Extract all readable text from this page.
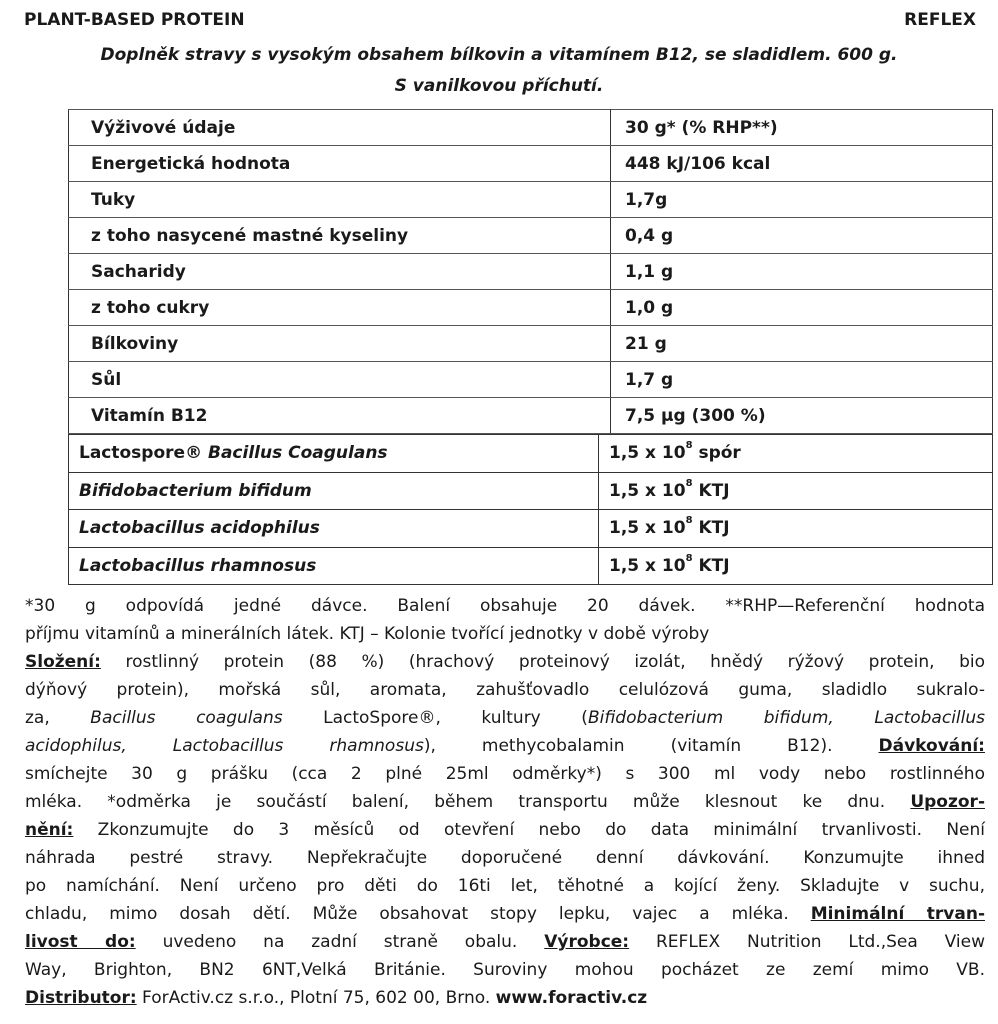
PLANT-BASED PROTEIN	REFLEX
Doplněk stravy s vysokým obsahem bílkovin a vitamínem B12, se sladidlem. 600 g.
S vanilkovou příchutí.
Výživové údaje	30 g* (% RHP**)
Energetická hodnota	448 kJ/106 kcal
Tuky	1,7g
z toho nasycené mastné kyseliny	0,4 g
Sacharidy	1,1 g
z toho cukry	1,0 g
Bílkoviny	21 g
Sůl	1,7 g
Vitamín B12	7,5 µg (300 %)
Lactospore® Bacillus Coagulans	1,5 x $10^8$ spór
Bifidobacterium bifidum	1,5 x $10^8$ KTJ
Lactobacillus acidophilus	1,5 x $10^8$ KTJ
Lactobacillus rhamnosus	1,5 x $10^8$ KTJ
*30 g odpovídá jedné dávce. Balení obsahuje 20 dávek. **RHP—Referenční hodnota
příjmu vitamínů a minerálních látek. KTJ – Kolonie tvořící jednotky v době výroby
Složení: rostlinný protein (88 %) (hrachový proteinový izolát, hnědý rýžový protein, bio
dýňový protein), mořská sůl, aromata, zahušťovadlo celulózová guma, sladidlo sukralo-
za, Bacillus coagulans LactoSpore®, kultury (Bifidobacterium bifidum, Lactobacillus
acidophilus, Lactobacillus rhamnosus), methycobalamin (vitamín B12). Dávkování:
smíchejte 30 g prášku (cca 2 plné 25ml odměrky*) s 300 ml vody nebo rostlinného
mléka. *odměrka je součástí balení, během transportu může klesnout ke dnu. Upozor-
nění: Zkonzumujte do 3 měsíců od otevření nebo do data minimální trvanlivosti. Není
náhrada pestré stravy. Nepřekračujte doporučené denní dávkování. Konzumujte ihned
po namíchání. Není určeno pro děti do 16ti let, těhotné a kojící ženy. Skladujte v suchu,
chladu, mimo dosah dětí. Může obsahovat stopy lepku, vajec a mléka. Minimální trvan-
livost do: uvedeno na zadní straně obalu. Výrobce: REFLEX Nutrition Ltd.,Sea View
Way, Brighton, BN2 6NT,Velká Británie. Suroviny mohou pocházet ze zemí mimo VB.
Distributor: ForActiv.cz s.r.o., Plotní 75, 602 00, Brno. www.foractiv.cz
